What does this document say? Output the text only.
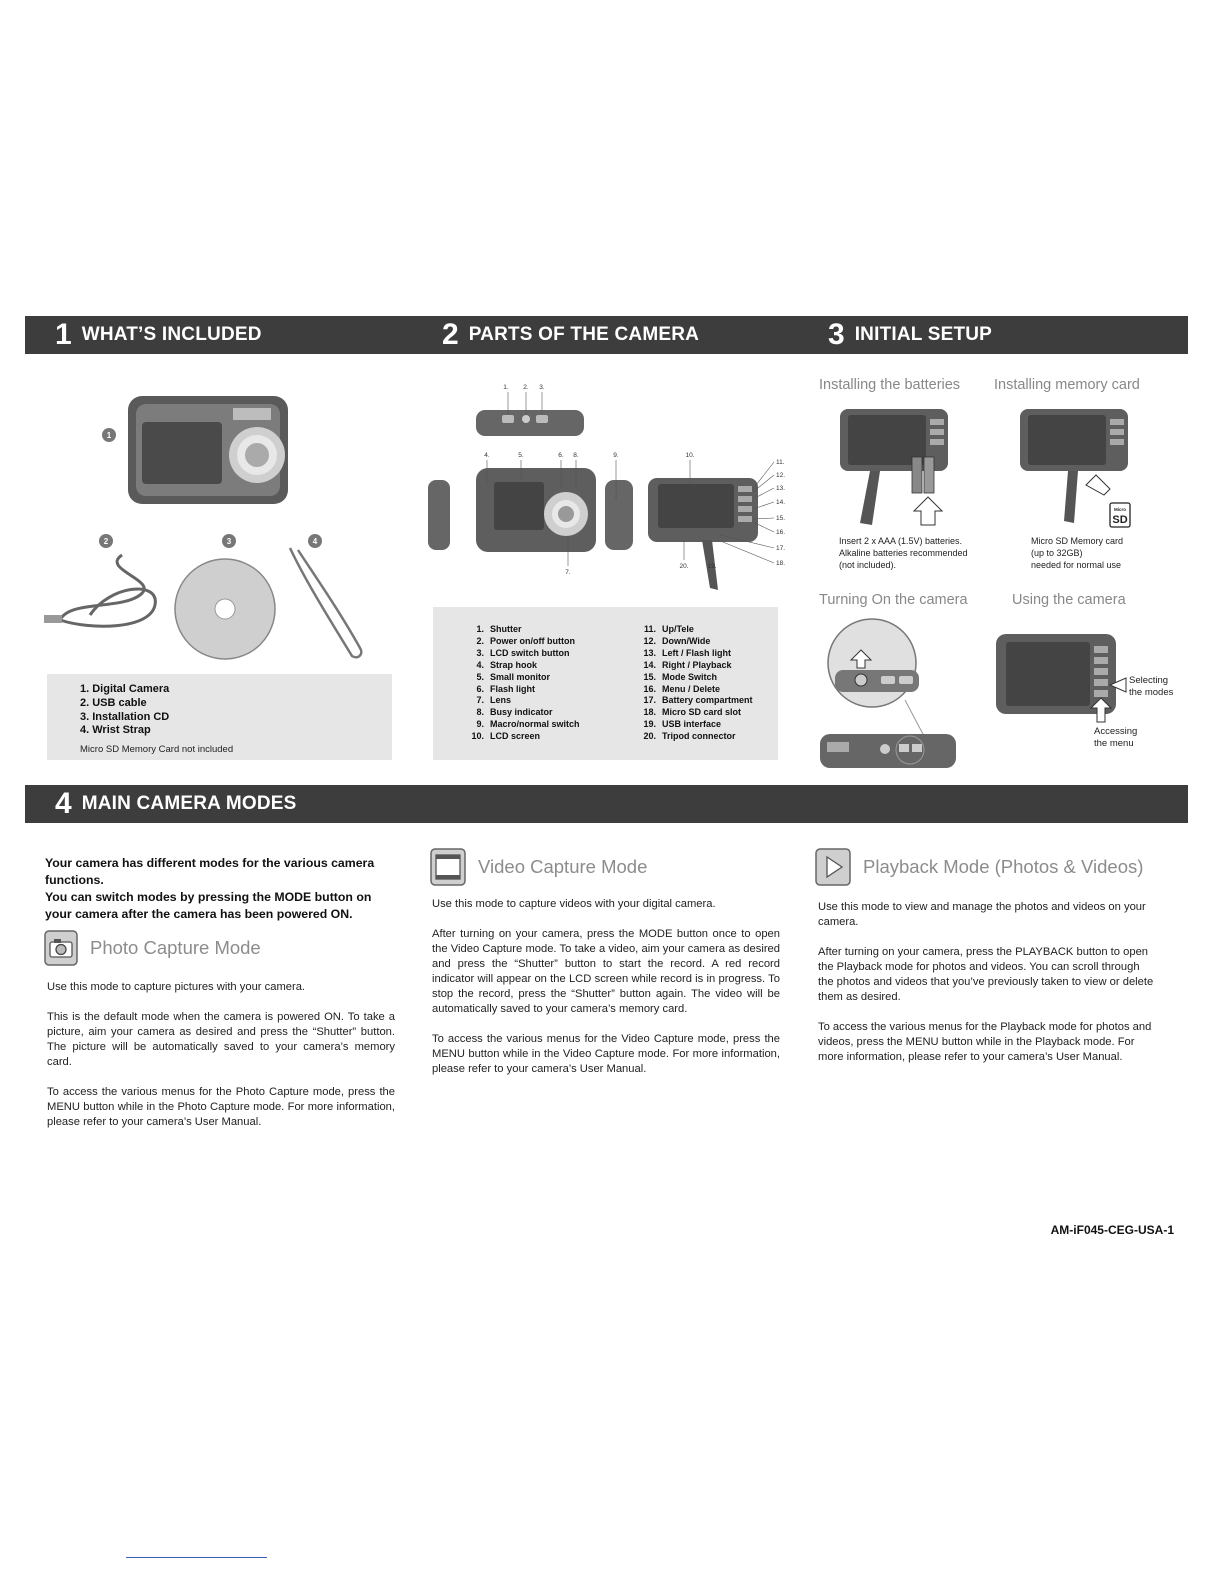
1 WHAT’S INCLUDED	2 PARTS OF THE CAMERA	3 INITIAL SETUP
4 MAIN CAMERA MODES
1
2	3	4
1. Digital Camera
2. USB cable
3. Installation CD
4. Wrist Strap
Micro SD Memory Card not included
1. 2. 3.
4.	5.	6.
7.
8.	9.	10.
11.
12.
13.
14.
15.
16.
17.
18.
20.	19.
1. Shutter
2. Power on/off button
3. LCD switch button
4. Strap hook
5. Small monitor
6. Flash light
7. Lens
8. Busy indicator
9. Macro/normal switch
10. LCD screen
11. Up/Tele
12. Down/Wide
13. Left / Flash light
14. Right / Playback
15. Mode Switch
16. Menu / Delete
17. Battery compartment
18. Micro SD card slot
19. USB interface
20. Tripod connector
Installing the batteries Installing memory card
Micro
SD
Insert 2 x AAA (1.5V) batteries.
Alkaline batteries recommended
(not included).
Micro SD Memory card
(up to 32GB)
needed for normal use
Turning On the camera	Using the camera
Selecting
the modes
Accessing
the menu
Your camera has different modes for the various camera functions.
You can switch modes by pressing the MODE button on your camera after the camera has been powered ON.
Photo Capture Mode

Use this mode to capture pictures with your camera.

This is the default mode when the camera is powered ON. To take a picture, aim your camera as desired and press the “Shutter” button. The picture will be automatically saved to your camera’s memory card.

To access the various menus for the Photo Capture mode, press the MENU button while in the Photo Capture mode. For more information, please refer to your camera’s User Manual.

Video Capture Mode

Use this mode to capture videos with your digital camera.

After turning on your camera, press the MODE button once to open the Video Capture mode. To take a video, aim your camera as desired and press the “Shutter” button to start the record. A red record indicator will appear on the LCD screen while record is in progress. To stop the record, press the “Shutter” button again. The video will be automatically saved to your camera’s memory card.

To access the various menus for the Video Capture mode, press the MENU button while in the Video Capture mode. For more information, please refer to your camera’s User Manual.

Playback Mode (Photos & Videos)

Use this mode to view and manage the photos and videos on your camera.

After turning on your camera, press the PLAYBACK button to open the Playback mode for photos and videos. You can scroll through the photos and videos that you’ve previously taken to view or delete them as desired.

To access the various menus for the Playback mode for photos and videos, press the MENU button while in the Playback mode. For more information, please refer to your camera’s User Manual.

AM-iF045-CEG-USA-1
